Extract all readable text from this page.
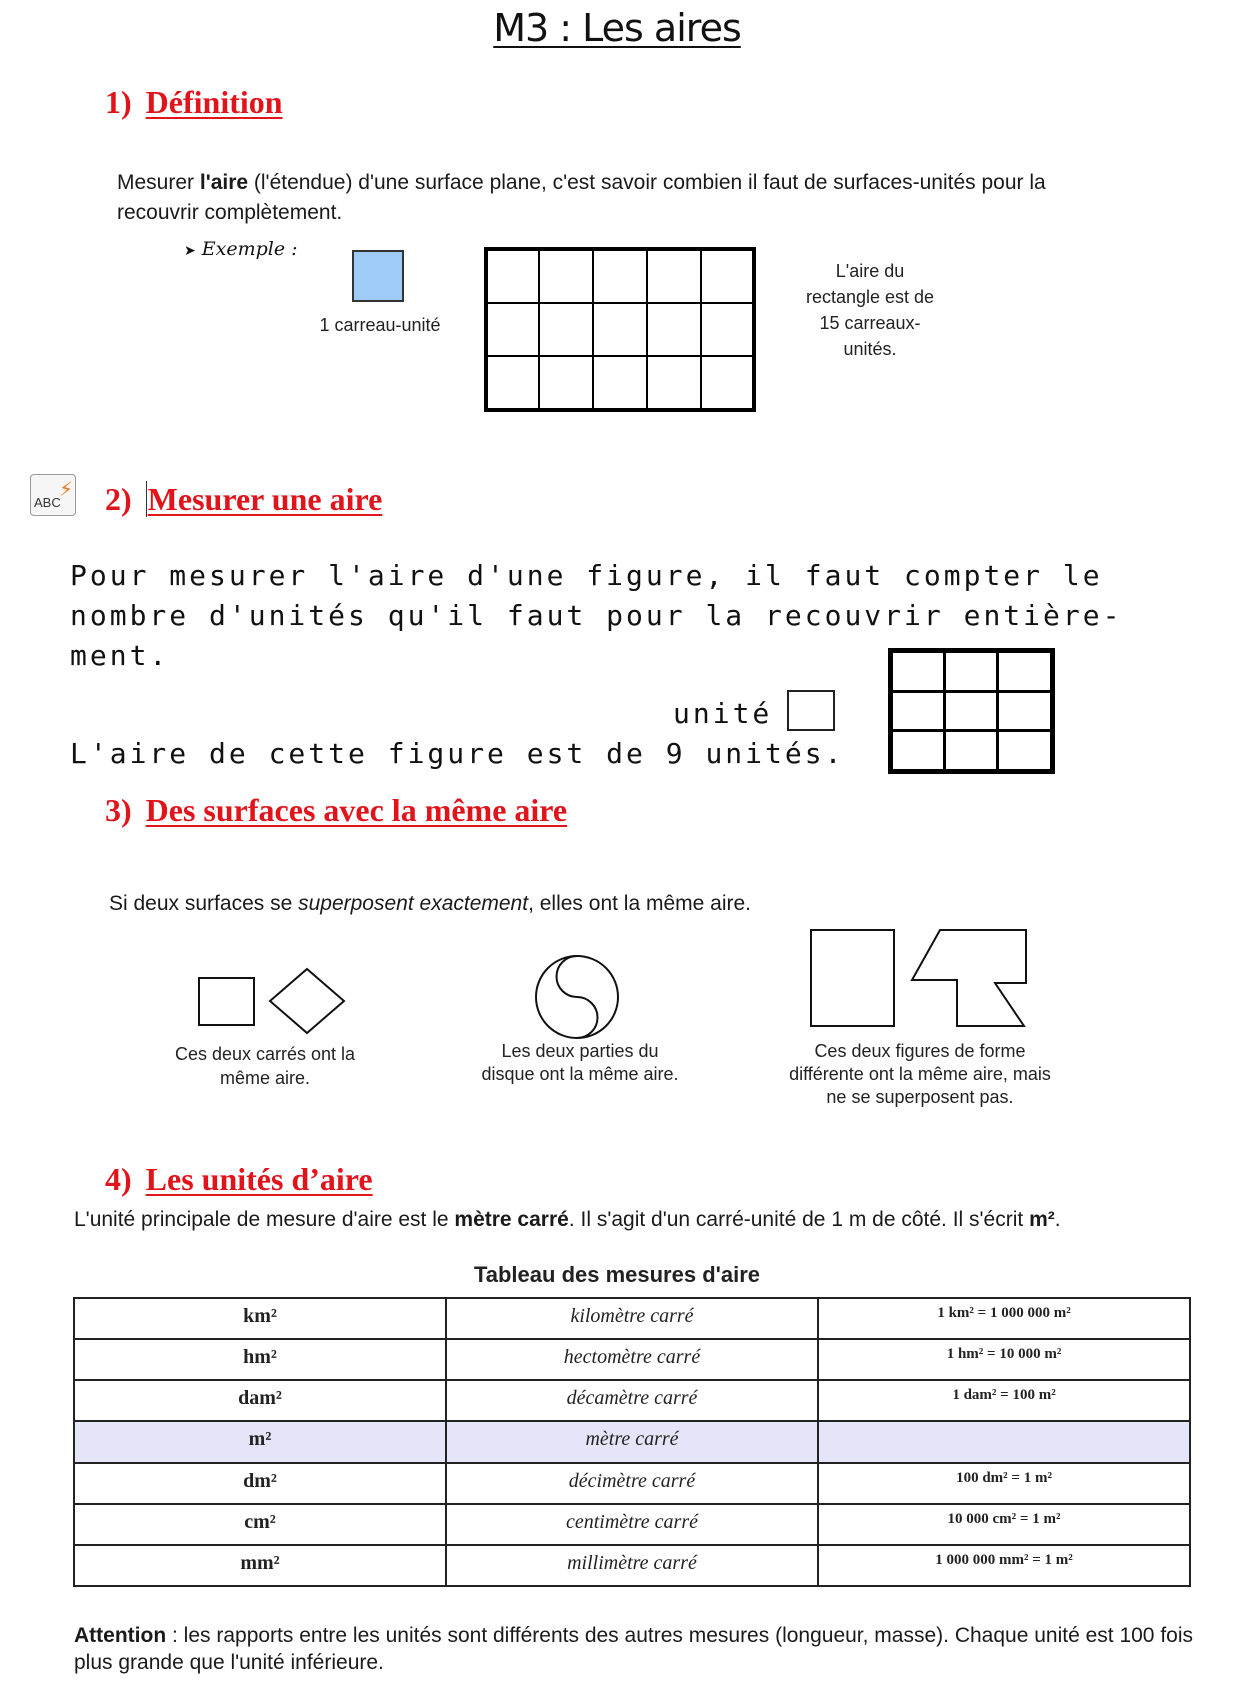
M3 : Les aires
1) Définition
Mesurer l'aire (l'étendue) d'une surface plane, c'est savoir combien il faut de surfaces-unités pour la recouvrir complètement.
➤ Exemple :
1 carreau-unité
L'aire du
rectangle est de
15 carreaux-
unités.
ABC
⚡ 2) Mesurer une aire
Pour mesurer l'aire d'une figure, il faut compter le
nombre d'unités qu'il faut pour la recouvrir entière-
ment.
unité
L'aire de cette figure est de 9 unités.
3) Des surfaces avec la même aire
Si deux surfaces se superposent exactement, elles ont la même aire.
Ces deux carrés ont la même aire.
Les deux parties du disque ont la même aire.
Ces deux figures de forme différente ont la même aire, mais ne se superposent pas.
4) Les unités d’aire
L'unité principale de mesure d'aire est le mètre carré. Il s'agit d'un carré-unité de 1 m de côté. Il s'écrit m².
Tableau des mesures d'aire
km²	kilomètre carré	1 km² = 1 000 000 m²
hm²	hectomètre carré	1 hm² = 10 000 m²
dam²	décamètre carré	1 dam² = 100 m²
m²	mètre carré	
dm²	décimètre carré	100 dm² = 1 m²
cm²	centimètre carré	10 000 cm² = 1 m²
mm²	millimètre carré	1 000 000 mm² = 1 m²
Attention : les rapports entre les unités sont différents des autres mesures (longueur, masse). Chaque unité est 100 fois plus grande que l'unité inférieure.
